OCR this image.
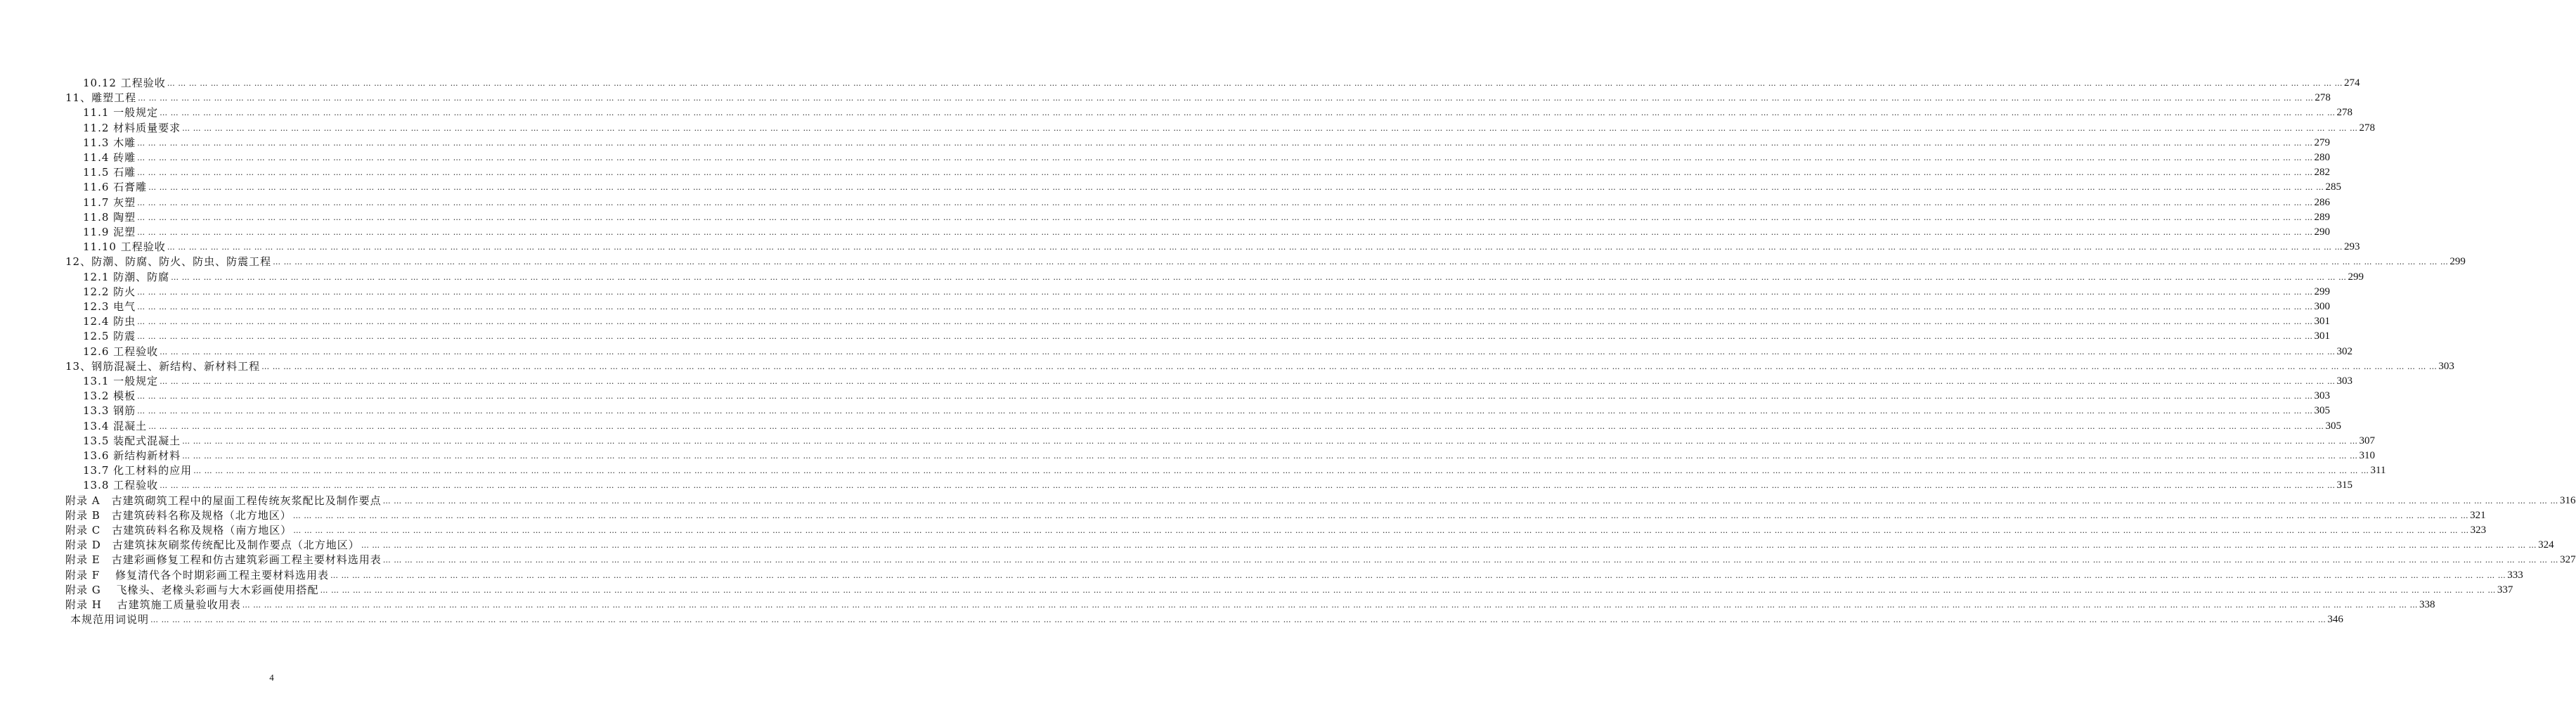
10.12 工程验收 … … … … … … … … … … … … … … … … … … … … … … … … … … … … … … … … … … … … … … … … … … … … … … … … … … … … … … … … … … … … … … … … … … … … … … … … … … … … … … … … … … … … … … … … … … … … … … … … … … … … … … … … … … … … … … … … … … … … … … … … … … … … … … … … … … … … … … … … … … … … … … … … … … … … … … … … … … … … … … … … … … … … … … … … … … … … … … … … … … … … … … … … … … … … … … … … … … … … … … … … 274
11、雕塑工程 … … … … … … … … … … … … … … … … … … … … … … … … … … … … … … … … … … … … … … … … … … … … … … … … … … … … … … … … … … … … … … … … … … … … … … … … … … … … … … … … … … … … … … … … … … … … … … … … … … … … … … … … … … … … … … … … … … … … … … … … … … … … … … … … … … … … … … … … … … … … … … … … … … … … … … … … … … … … … … … … … … … … … … … … … … … … … … … … … … … … … … … … … … … … … … … … … … … … … … … … 278
11.1 一般规定 … … … … … … … … … … … … … … … … … … … … … … … … … … … … … … … … … … … … … … … … … … … … … … … … … … … … … … … … … … … … … … … … … … … … … … … … … … … … … … … … … … … … … … … … … … … … … … … … … … … … … … … … … … … … … … … … … … … … … … … … … … … … … … … … … … … … … … … … … … … … … … … … … … … … … … … … … … … … … … … … … … … … … … … … … … … … … … … … … … … … … … … … … … … … … … … … … … … … … … … … 278
11.2 材料质量要求 … … … … … … … … … … … … … … … … … … … … … … … … … … … … … … … … … … … … … … … … … … … … … … … … … … … … … … … … … … … … … … … … … … … … … … … … … … … … … … … … … … … … … … … … … … … … … … … … … … … … … … … … … … … … … … … … … … … … … … … … … … … … … … … … … … … … … … … … … … … … … … … … … … … … … … … … … … … … … … … … … … … … … … … … … … … … … … … … … … … … … … … … … … … … … … … … … … … … … … … … 278
11.3 木雕 … … … … … … … … … … … … … … … … … … … … … … … … … … … … … … … … … … … … … … … … … … … … … … … … … … … … … … … … … … … … … … … … … … … … … … … … … … … … … … … … … … … … … … … … … … … … … … … … … … … … … … … … … … … … … … … … … … … … … … … … … … … … … … … … … … … … … … … … … … … … … … … … … … … … … … … … … … … … … … … … … … … … … … … … … … … … … … … … … … … … … … … … … … … … … … … … … … … … … … … … 279
11.4 砖雕 … … … … … … … … … … … … … … … … … … … … … … … … … … … … … … … … … … … … … … … … … … … … … … … … … … … … … … … … … … … … … … … … … … … … … … … … … … … … … … … … … … … … … … … … … … … … … … … … … … … … … … … … … … … … … … … … … … … … … … … … … … … … … … … … … … … … … … … … … … … … … … … … … … … … … … … … … … … … … … … … … … … … … … … … … … … … … … … … … … … … … … … … … … … … … … … … … … … … … … … … 280
11.5 石雕 … … … … … … … … … … … … … … … … … … … … … … … … … … … … … … … … … … … … … … … … … … … … … … … … … … … … … … … … … … … … … … … … … … … … … … … … … … … … … … … … … … … … … … … … … … … … … … … … … … … … … … … … … … … … … … … … … … … … … … … … … … … … … … … … … … … … … … … … … … … … … … … … … … … … … … … … … … … … … … … … … … … … … … … … … … … … … … … … … … … … … … … … … … … … … … … … … … … … … … … … 282
11.6 石膏雕 … … … … … … … … … … … … … … … … … … … … … … … … … … … … … … … … … … … … … … … … … … … … … … … … … … … … … … … … … … … … … … … … … … … … … … … … … … … … … … … … … … … … … … … … … … … … … … … … … … … … … … … … … … … … … … … … … … … … … … … … … … … … … … … … … … … … … … … … … … … … … … … … … … … … … … … … … … … … … … … … … … … … … … … … … … … … … … … … … … … … … … … … … … … … … … … … … … … … … … … … 285
11.7 灰塑 … … … … … … … … … … … … … … … … … … … … … … … … … … … … … … … … … … … … … … … … … … … … … … … … … … … … … … … … … … … … … … … … … … … … … … … … … … … … … … … … … … … … … … … … … … … … … … … … … … … … … … … … … … … … … … … … … … … … … … … … … … … … … … … … … … … … … … … … … … … … … … … … … … … … … … … … … … … … … … … … … … … … … … … … … … … … … … … … … … … … … … … … … … … … … … … … … … … … … … … … 286
11.8 陶塑 … … … … … … … … … … … … … … … … … … … … … … … … … … … … … … … … … … … … … … … … … … … … … … … … … … … … … … … … … … … … … … … … … … … … … … … … … … … … … … … … … … … … … … … … … … … … … … … … … … … … … … … … … … … … … … … … … … … … … … … … … … … … … … … … … … … … … … … … … … … … … … … … … … … … … … … … … … … … … … … … … … … … … … … … … … … … … … … … … … … … … … … … … … … … … … … … … … … … … … … … 289
11.9 泥塑 … … … … … … … … … … … … … … … … … … … … … … … … … … … … … … … … … … … … … … … … … … … … … … … … … … … … … … … … … … … … … … … … … … … … … … … … … … … … … … … … … … … … … … … … … … … … … … … … … … … … … … … … … … … … … … … … … … … … … … … … … … … … … … … … … … … … … … … … … … … … … … … … … … … … … … … … … … … … … … … … … … … … … … … … … … … … … … … … … … … … … … … … … … … … … … … … … … … … … … … … 290
11.10 工程验收 … … … … … … … … … … … … … … … … … … … … … … … … … … … … … … … … … … … … … … … … … … … … … … … … … … … … … … … … … … … … … … … … … … … … … … … … … … … … … … … … … … … … … … … … … … … … … … … … … … … … … … … … … … … … … … … … … … … … … … … … … … … … … … … … … … … … … … … … … … … … … … … … … … … … … … … … … … … … … … … … … … … … … … … … … … … … … … … … … … … … … … … … … … … … … … … … … … … … … … … … 293
12、防潮、防腐、防火、防虫、防震工程 … … … … … … … … … … … … … … … … … … … … … … … … … … … … … … … … … … … … … … … … … … … … … … … … … … … … … … … … … … … … … … … … … … … … … … … … … … … … … … … … … … … … … … … … … … … … … … … … … … … … … … … … … … … … … … … … … … … … … … … … … … … … … … … … … … … … … … … … … … … … … … … … … … … … … … … … … … … … … … … … … … … … … … … … … … … … … … … … … … … … … … … … … … … … … … … … … … … … … … … … 299
12.1 防潮、防腐 … … … … … … … … … … … … … … … … … … … … … … … … … … … … … … … … … … … … … … … … … … … … … … … … … … … … … … … … … … … … … … … … … … … … … … … … … … … … … … … … … … … … … … … … … … … … … … … … … … … … … … … … … … … … … … … … … … … … … … … … … … … … … … … … … … … … … … … … … … … … … … … … … … … … … … … … … … … … … … … … … … … … … … … … … … … … … … … … … … … … … … … … … … … … … … … … … … … … … … … … 299
12.2 防火 … … … … … … … … … … … … … … … … … … … … … … … … … … … … … … … … … … … … … … … … … … … … … … … … … … … … … … … … … … … … … … … … … … … … … … … … … … … … … … … … … … … … … … … … … … … … … … … … … … … … … … … … … … … … … … … … … … … … … … … … … … … … … … … … … … … … … … … … … … … … … … … … … … … … … … … … … … … … … … … … … … … … … … … … … … … … … … … … … … … … … … … … … … … … … … … … … … … … … … … … 299
12.3 电气 … … … … … … … … … … … … … … … … … … … … … … … … … … … … … … … … … … … … … … … … … … … … … … … … … … … … … … … … … … … … … … … … … … … … … … … … … … … … … … … … … … … … … … … … … … … … … … … … … … … … … … … … … … … … … … … … … … … … … … … … … … … … … … … … … … … … … … … … … … … … … … … … … … … … … … … … … … … … … … … … … … … … … … … … … … … … … … … … … … … … … … … … … … … … … … … … … … … … … … … … 300
12.4 防虫 … … … … … … … … … … … … … … … … … … … … … … … … … … … … … … … … … … … … … … … … … … … … … … … … … … … … … … … … … … … … … … … … … … … … … … … … … … … … … … … … … … … … … … … … … … … … … … … … … … … … … … … … … … … … … … … … … … … … … … … … … … … … … … … … … … … … … … … … … … … … … … … … … … … … … … … … … … … … … … … … … … … … … … … … … … … … … … … … … … … … … … … … … … … … … … … … … … … … … … … … 301
12.5 防震 … … … … … … … … … … … … … … … … … … … … … … … … … … … … … … … … … … … … … … … … … … … … … … … … … … … … … … … … … … … … … … … … … … … … … … … … … … … … … … … … … … … … … … … … … … … … … … … … … … … … … … … … … … … … … … … … … … … … … … … … … … … … … … … … … … … … … … … … … … … … … … … … … … … … … … … … … … … … … … … … … … … … … … … … … … … … … … … … … … … … … … … … … … … … … … … … … … … … … … … … 301
12.6 工程验收 … … … … … … … … … … … … … … … … … … … … … … … … … … … … … … … … … … … … … … … … … … … … … … … … … … … … … … … … … … … … … … … … … … … … … … … … … … … … … … … … … … … … … … … … … … … … … … … … … … … … … … … … … … … … … … … … … … … … … … … … … … … … … … … … … … … … … … … … … … … … … … … … … … … … … … … … … … … … … … … … … … … … … … … … … … … … … … … … … … … … … … … … … … … … … … … … … … … … … … … … 302
13、钢筋混凝土、新结构、新材料工程 … … … … … … … … … … … … … … … … … … … … … … … … … … … … … … … … … … … … … … … … … … … … … … … … … … … … … … … … … … … … … … … … … … … … … … … … … … … … … … … … … … … … … … … … … … … … … … … … … … … … … … … … … … … … … … … … … … … … … … … … … … … … … … … … … … … … … … … … … … … … … … … … … … … … … … … … … … … … … … … … … … … … … … … … … … … … … … … … … … … … … … … … … … … … … … … … … … … … … … … … 303
13.1 一般规定 … … … … … … … … … … … … … … … … … … … … … … … … … … … … … … … … … … … … … … … … … … … … … … … … … … … … … … … … … … … … … … … … … … … … … … … … … … … … … … … … … … … … … … … … … … … … … … … … … … … … … … … … … … … … … … … … … … … … … … … … … … … … … … … … … … … … … … … … … … … … … … … … … … … … … … … … … … … … … … … … … … … … … … … … … … … … … … … … … … … … … … … … … … … … … … … … … … … … … … … … 303
13.2 模板 … … … … … … … … … … … … … … … … … … … … … … … … … … … … … … … … … … … … … … … … … … … … … … … … … … … … … … … … … … … … … … … … … … … … … … … … … … … … … … … … … … … … … … … … … … … … … … … … … … … … … … … … … … … … … … … … … … … … … … … … … … … … … … … … … … … … … … … … … … … … … … … … … … … … … … … … … … … … … … … … … … … … … … … … … … … … … … … … … … … … … … … … … … … … … … … … … … … … … … … … 303
13.3 钢筋 … … … … … … … … … … … … … … … … … … … … … … … … … … … … … … … … … … … … … … … … … … … … … … … … … … … … … … … … … … … … … … … … … … … … … … … … … … … … … … … … … … … … … … … … … … … … … … … … … … … … … … … … … … … … … … … … … … … … … … … … … … … … … … … … … … … … … … … … … … … … … … … … … … … … … … … … … … … … … … … … … … … … … … … … … … … … … … … … … … … … … … … … … … … … … … … … … … … … … … … … 305
13.4 混凝土 … … … … … … … … … … … … … … … … … … … … … … … … … … … … … … … … … … … … … … … … … … … … … … … … … … … … … … … … … … … … … … … … … … … … … … … … … … … … … … … … … … … … … … … … … … … … … … … … … … … … … … … … … … … … … … … … … … … … … … … … … … … … … … … … … … … … … … … … … … … … … … … … … … … … … … … … … … … … … … … … … … … … … … … … … … … … … … … … … … … … … … … … … … … … … … … … … … … … … … … … 305
13.5 装配式混凝土 … … … … … … … … … … … … … … … … … … … … … … … … … … … … … … … … … … … … … … … … … … … … … … … … … … … … … … … … … … … … … … … … … … … … … … … … … … … … … … … … … … … … … … … … … … … … … … … … … … … … … … … … … … … … … … … … … … … … … … … … … … … … … … … … … … … … … … … … … … … … … … … … … … … … … … … … … … … … … … … … … … … … … … … … … … … … … … … … … … … … … … … … … … … … … … … … … … … … … … … … 307
13.6 新结构新材料 … … … … … … … … … … … … … … … … … … … … … … … … … … … … … … … … … … … … … … … … … … … … … … … … … … … … … … … … … … … … … … … … … … … … … … … … … … … … … … … … … … … … … … … … … … … … … … … … … … … … … … … … … … … … … … … … … … … … … … … … … … … … … … … … … … … … … … … … … … … … … … … … … … … … … … … … … … … … … … … … … … … … … … … … … … … … … … … … … … … … … … … … … … … … … … … … … … … … … … … … 310
13.7 化工材料的应用 … … … … … … … … … … … … … … … … … … … … … … … … … … … … … … … … … … … … … … … … … … … … … … … … … … … … … … … … … … … … … … … … … … … … … … … … … … … … … … … … … … … … … … … … … … … … … … … … … … … … … … … … … … … … … … … … … … … … … … … … … … … … … … … … … … … … … … … … … … … … … … … … … … … … … … … … … … … … … … … … … … … … … … … … … … … … … … … … … … … … … … … … … … … … … … … … … … … … … … … … 311
13.8 工程验收 … … … … … … … … … … … … … … … … … … … … … … … … … … … … … … … … … … … … … … … … … … … … … … … … … … … … … … … … … … … … … … … … … … … … … … … … … … … … … … … … … … … … … … … … … … … … … … … … … … … … … … … … … … … … … … … … … … … … … … … … … … … … … … … … … … … … … … … … … … … … … … … … … … … … … … … … … … … … … … … … … … … … … … … … … … … … … … … … … … … … … … … … … … … … … … … … … … … … … … … … 315
附录 A　古建筑砌筑工程中的屋面工程传统灰浆配比及制作要点 … … … … … … … … … … … … … … … … … … … … … … … … … … … … … … … … … … … … … … … … … … … … … … … … … … … … … … … … … … … … … … … … … … … … … … … … … … … … … … … … … … … … … … … … … … … … … … … … … … … … … … … … … … … … … … … … … … … … … … … … … … … … … … … … … … … … … … … … … … … … … … … … … … … … … … … … … … … … … … … … … … … … … … … … … … … … … … … … … … … … … … … … … … … … … … … … … … … … … … … … 316
附录 B　古建筑砖料名称及规格（北方地区） … … … … … … … … … … … … … … … … … … … … … … … … … … … … … … … … … … … … … … … … … … … … … … … … … … … … … … … … … … … … … … … … … … … … … … … … … … … … … … … … … … … … … … … … … … … … … … … … … … … … … … … … … … … … … … … … … … … … … … … … … … … … … … … … … … … … … … … … … … … … … … … … … … … … … … … … … … … … … … … … … … … … … … … … … … … … … … … … … … … … … … … … … … … … … … … … … … … … … … … … 321
附录 C　古建筑砖料名称及规格（南方地区） … … … … … … … … … … … … … … … … … … … … … … … … … … … … … … … … … … … … … … … … … … … … … … … … … … … … … … … … … … … … … … … … … … … … … … … … … … … … … … … … … … … … … … … … … … … … … … … … … … … … … … … … … … … … … … … … … … … … … … … … … … … … … … … … … … … … … … … … … … … … … … … … … … … … … … … … … … … … … … … … … … … … … … … … … … … … … … … … … … … … … … … … … … … … … … … … … … … … … … … … 323
附录 D　古建筑抹灰刷浆传统配比及制作要点（北方地区） … … … … … … … … … … … … … … … … … … … … … … … … … … … … … … … … … … … … … … … … … … … … … … … … … … … … … … … … … … … … … … … … … … … … … … … … … … … … … … … … … … … … … … … … … … … … … … … … … … … … … … … … … … … … … … … … … … … … … … … … … … … … … … … … … … … … … … … … … … … … … … … … … … … … … … … … … … … … … … … … … … … … … … … … … … … … … … … … … … … … … … … … … … … … … … … … … … … … … … … … 324
附录 E　古建彩画修复工程和仿古建筑彩画工程主要材料选用表 … … … … … … … … … … … … … … … … … … … … … … … … … … … … … … … … … … … … … … … … … … … … … … … … … … … … … … … … … … … … … … … … … … … … … … … … … … … … … … … … … … … … … … … … … … … … … … … … … … … … … … … … … … … … … … … … … … … … … … … … … … … … … … … … … … … … … … … … … … … … … … … … … … … … … … … … … … … … … … … … … … … … … … … … … … … … … … … … … … … … … … … … … … … … … … … … … … … … … … … … 327
附录 F　 修复清代各个时期彩画工程主要材料选用表 … … … … … … … … … … … … … … … … … … … … … … … … … … … … … … … … … … … … … … … … … … … … … … … … … … … … … … … … … … … … … … … … … … … … … … … … … … … … … … … … … … … … … … … … … … … … … … … … … … … … … … … … … … … … … … … … … … … … … … … … … … … … … … … … … … … … … … … … … … … … … … … … … … … … … … … … … … … … … … … … … … … … … … … … … … … … … … … … … … … … … … … … … … … … … … … … … … … … … … … … 333
附录 G　 飞椽头、老椽头彩画与大木彩画使用搭配 … … … … … … … … … … … … … … … … … … … … … … … … … … … … … … … … … … … … … … … … … … … … … … … … … … … … … … … … … … … … … … … … … … … … … … … … … … … … … … … … … … … … … … … … … … … … … … … … … … … … … … … … … … … … … … … … … … … … … … … … … … … … … … … … … … … … … … … … … … … … … … … … … … … … … … … … … … … … … … … … … … … … … … … … … … … … … … … … … … … … … … … … … … … … … … … … … … … … … … … … 337
附录 H　 古建筑施工质量验收用表 … … … … … … … … … … … … … … … … … … … … … … … … … … … … … … … … … … … … … … … … … … … … … … … … … … … … … … … … … … … … … … … … … … … … … … … … … … … … … … … … … … … … … … … … … … … … … … … … … … … … … … … … … … … … … … … … … … … … … … … … … … … … … … … … … … … … … … … … … … … … … … … … … … … … … … … … … … … … … … … … … … … … … … … … … … … … … … … … … … … … … … … … … … … … … … … … … … … … … … … … 338
本规范用词说明 … … … … … … … … … … … … … … … … … … … … … … … … … … … … … … … … … … … … … … … … … … … … … … … … … … … … … … … … … … … … … … … … … … … … … … … … … … … … … … … … … … … … … … … … … … … … … … … … … … … … … … … … … … … … … … … … … … … … … … … … … … … … … … … … … … … … … … … … … … … … … … … … … … … … … … … … … … … … … … … … … … … … … … … … … … … … … … … … … … … … … … … … … … … … … … … … … … … … … … … … 346
4
